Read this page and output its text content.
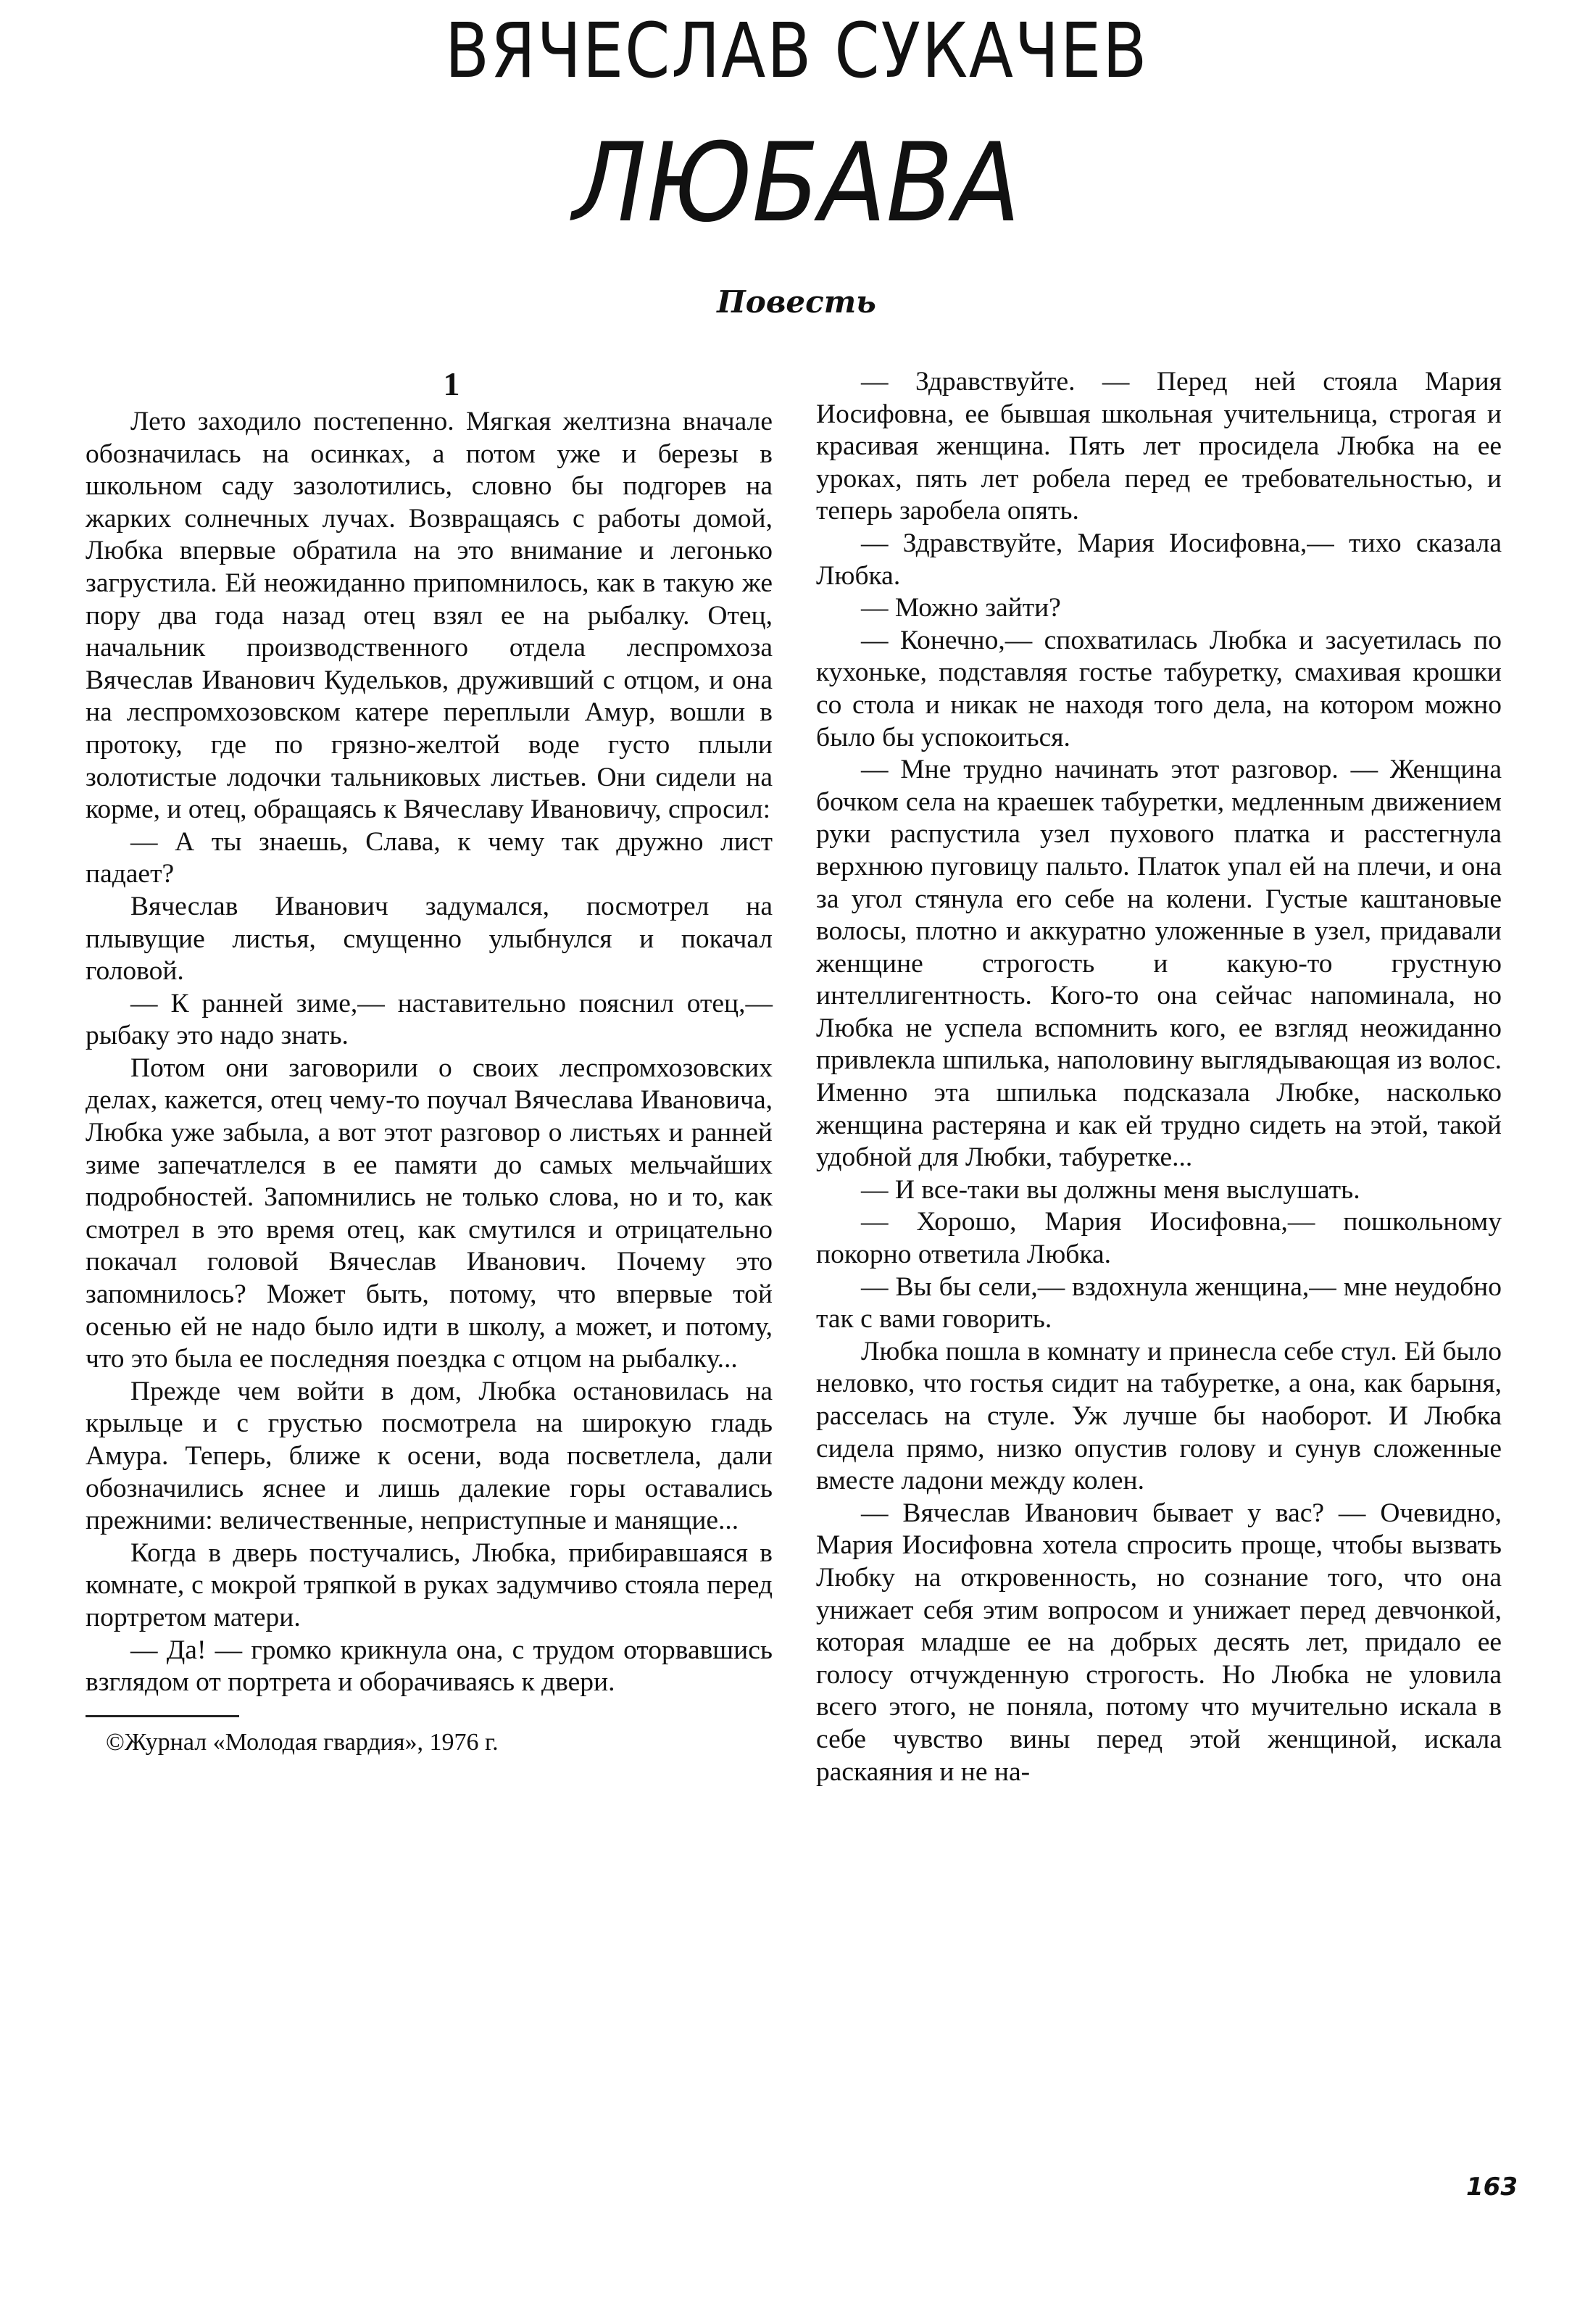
ВЯЧЕСЛАВ СУКАЧЕВ
ЛЮБАВА
Повесть

1

Лето заходило постепенно. Мягкая желтизна вначале обозначилась на осинках, а потом уже и березы в школьном саду зазолотились, словно бы подгорев на жарких солнечных лучах. Возвращаясь с работы домой, Любка впервые обратила на это внимание и легонько загрустила. Ей неожиданно припомнилось, как в такую же пору два года назад отец взял ее на рыбалку. Отец, начальник производственного отдела леспромхоза Вячеслав Иванович Кудельков, друживший с отцом, и она на леспромхозовском катере переплыли Амур, вошли в протоку, где по грязно-желтой воде густо плыли золотистые лодочки тальниковых листьев. Они сидели на корме, и отец, обращаясь к Вячеславу Ивановичу, спросил:

— А ты знаешь, Слава, к чему так дружно лист падает?

Вячеслав Иванович задумался, посмотрел на плывущие листья, смущенно улыбнулся и покачал головой.

— К ранней зиме,— наставительно пояснил отец,— рыбаку это надо знать.

Потом они заговорили о своих леспромхозовских делах, кажется, отец чему-то поучал Вячеслава Ивановича, Любка уже забыла, а вот этот разговор о листьях и ранней зиме запечатлелся в ее памяти до самых мельчайших подробностей. Запомнились не только слова, но и то, как смотрел в это время отец, как смутился и отрицательно покачал головой Вячеслав Иванович. Почему это запомнилось? Может быть, потому, что впервые той осенью ей не надо было идти в школу, а может, и потому, что это была ее последняя поездка с отцом на рыбалку...

Прежде чем войти в дом, Любка остановилась на крыльце и с грустью посмотрела на широкую гладь Амура. Теперь, ближе к осени, вода посветлела, дали обозначились яснее и лишь далекие горы оставались прежними: величественные, неприступные и манящие...

Когда в дверь постучались, Любка, прибиравшаяся в комнате, с мокрой тряпкой в руках задумчиво стояла перед портретом матери.

— Да! — громко крикнула она, с трудом оторвавшись взглядом от портрета и оборачиваясь к двери.

©Журнал «Молодая гвардия», 1976 г.

— Здравствуйте. — Перед ней стояла Мария Иосифовна, ее бывшая школьная учительница, строгая и красивая женщина. Пять лет просидела Любка на ее уроках, пять лет робела перед ее требовательностью, и теперь заробела опять.

— Здравствуйте, Мария Иосифовна,— тихо сказала Любка.

— Можно зайти?

— Конечно,— спохватилась Любка и засуетилась по кухоньке, подставляя гостье табуретку, смахивая крошки со стола и никак не находя того дела, на котором можно было бы успокоиться.

— Мне трудно начинать этот разговор. — Женщина бочком села на краешек табуретки, медленным движением руки распустила узел пухового платка и расстегнула верхнюю пуговицу пальто. Платок упал ей на плечи, и она за угол стянула его себе на колени. Густые каштановые волосы, плотно и аккуратно уложенные в узел, придавали женщине строгость и какую-то грустную интеллигентность. Кого-то она сейчас напоминала, но Любка не успела вспомнить кого, ее взгляд неожиданно привлекла шпилька, наполовину выглядывающая из волос. Именно эта шпилька подсказала Любке, насколько женщина растеряна и как ей трудно сидеть на этой, такой удобной для Любки, табуретке...

— И все-таки вы должны меня выслушать.

— Хорошо, Мария Иосифовна,— пошкольному покорно ответила Любка.

— Вы бы сели,— вздохнула женщина,— мне неудобно так с вами говорить.

Любка пошла в комнату и принесла себе стул. Ей было неловко, что гостья сидит на табуретке, а она, как барыня, расселась на стуле. Уж лучше бы наоборот. И Любка сидела прямо, низко опустив голову и сунув сложенные вместе ладони между колен.

— Вячеслав Иванович бывает у вас? — Очевидно, Мария Иосифовна хотела спросить проще, чтобы вызвать Любку на откровенность, но сознание того, что она унижает себя этим вопросом и унижает перед девчонкой, которая младше ее на добрых десять лет, придало ее голосу отчужденную строгость. Но Любка не уловила всего этого, не поняла, потому что мучительно искала в себе чувство вины перед этой женщиной, искала раскаяния и не на-

163
